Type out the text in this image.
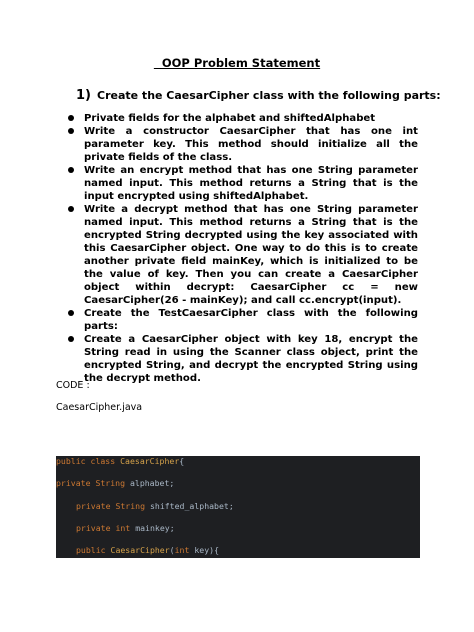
OOP Problem Statement
1) Create the CaesarCipher class with the following parts:
Private fields for the alphabet and shiftedAlphabet
Write a constructor CaesarCipher that has one int parameter key. This method should initialize all the private fields of the class.
Write an encrypt method that has one String parameter named input. This method returns a String that is the input encrypted using shiftedAlphabet.
Write a decrypt method that has one String parameter named input. This method returns a String that is the encrypted String decrypted using the key associated with this CaesarCipher object. One way to do this is to create another private field mainKey, which is initialized to be the value of key. Then you can create a CaesarCipher object within decrypt: CaesarCipher cc = new CaesarCipher(26 - mainKey); and call cc.encrypt(input).
Create the TestCaesarCipher class with the following parts:
Create a CaesarCipher object with key 18, encrypt the String read in using the Scanner class object, print the encrypted String, and decrypt the encrypted String using the decrypt method.
CODE :
CaesarCipher.java
public class CaesarCipher{
private String alphabet;
private String shifted_alphabet;
private int mainkey;
public CaesarCipher(int key){
